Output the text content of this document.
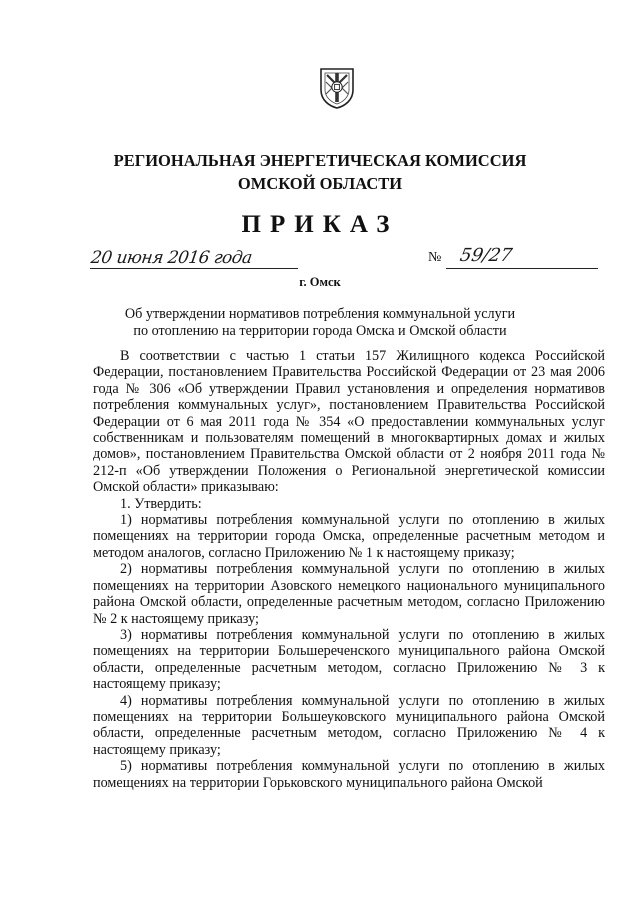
РЕГИОНАЛЬНАЯ ЭНЕРГЕТИЧЕСКАЯ КОМИССИЯ
ОМСКОЙ ОБЛАСТИ
ПРИКАЗ
20 июня 2016 года	№ 59/27
г. Омск
Об утверждении нормативов потребления коммунальной услуги
по отоплению на территории города Омска и Омской области

В соответствии с частью 1 статьи 157 Жилищного кодекса Российской Федерации, постановлением Правительства Российской Федерации от 23 мая 2006 года № 306 «Об утверждении Правил установления и определения нормативов потребления коммунальных услуг», постановлением Правительства Российской Федерации от 6 мая 2011 года № 354 «О предоставлении коммунальных услуг собственникам и пользователям помещений в многоквартирных домах и жилых домов», постановлением Правительства Омской области от 2 ноября 2011 года № 212-п «Об утверждении Положения о Региональной энергетической комиссии Омской области» приказываю:

1. Утвердить:

1) нормативы потребления коммунальной услуги по отоплению в жилых помещениях на территории города Омска, определенные расчетным методом и методом аналогов, согласно Приложению № 1 к настоящему приказу;

2) нормативы потребления коммунальной услуги по отоплению в жилых помещениях на территории Азовского немецкого национального муниципального района Омской области, определенные расчетным методом, согласно Приложению № 2 к настоящему приказу;

3) нормативы потребления коммунальной услуги по отоплению в жилых помещениях на территории Большереченского муниципального района Омской области, определенные расчетным методом, согласно Приложению № 3 к настоящему приказу;

4) нормативы потребления коммунальной услуги по отоплению в жилых помещениях на территории Большеуковского муниципального района Омской области, определенные расчетным методом, согласно Приложению № 4 к настоящему приказу;

5) нормативы потребления коммунальной услуги по отоплению в жилых помещениях на территории Горьковского муниципального района Омской
